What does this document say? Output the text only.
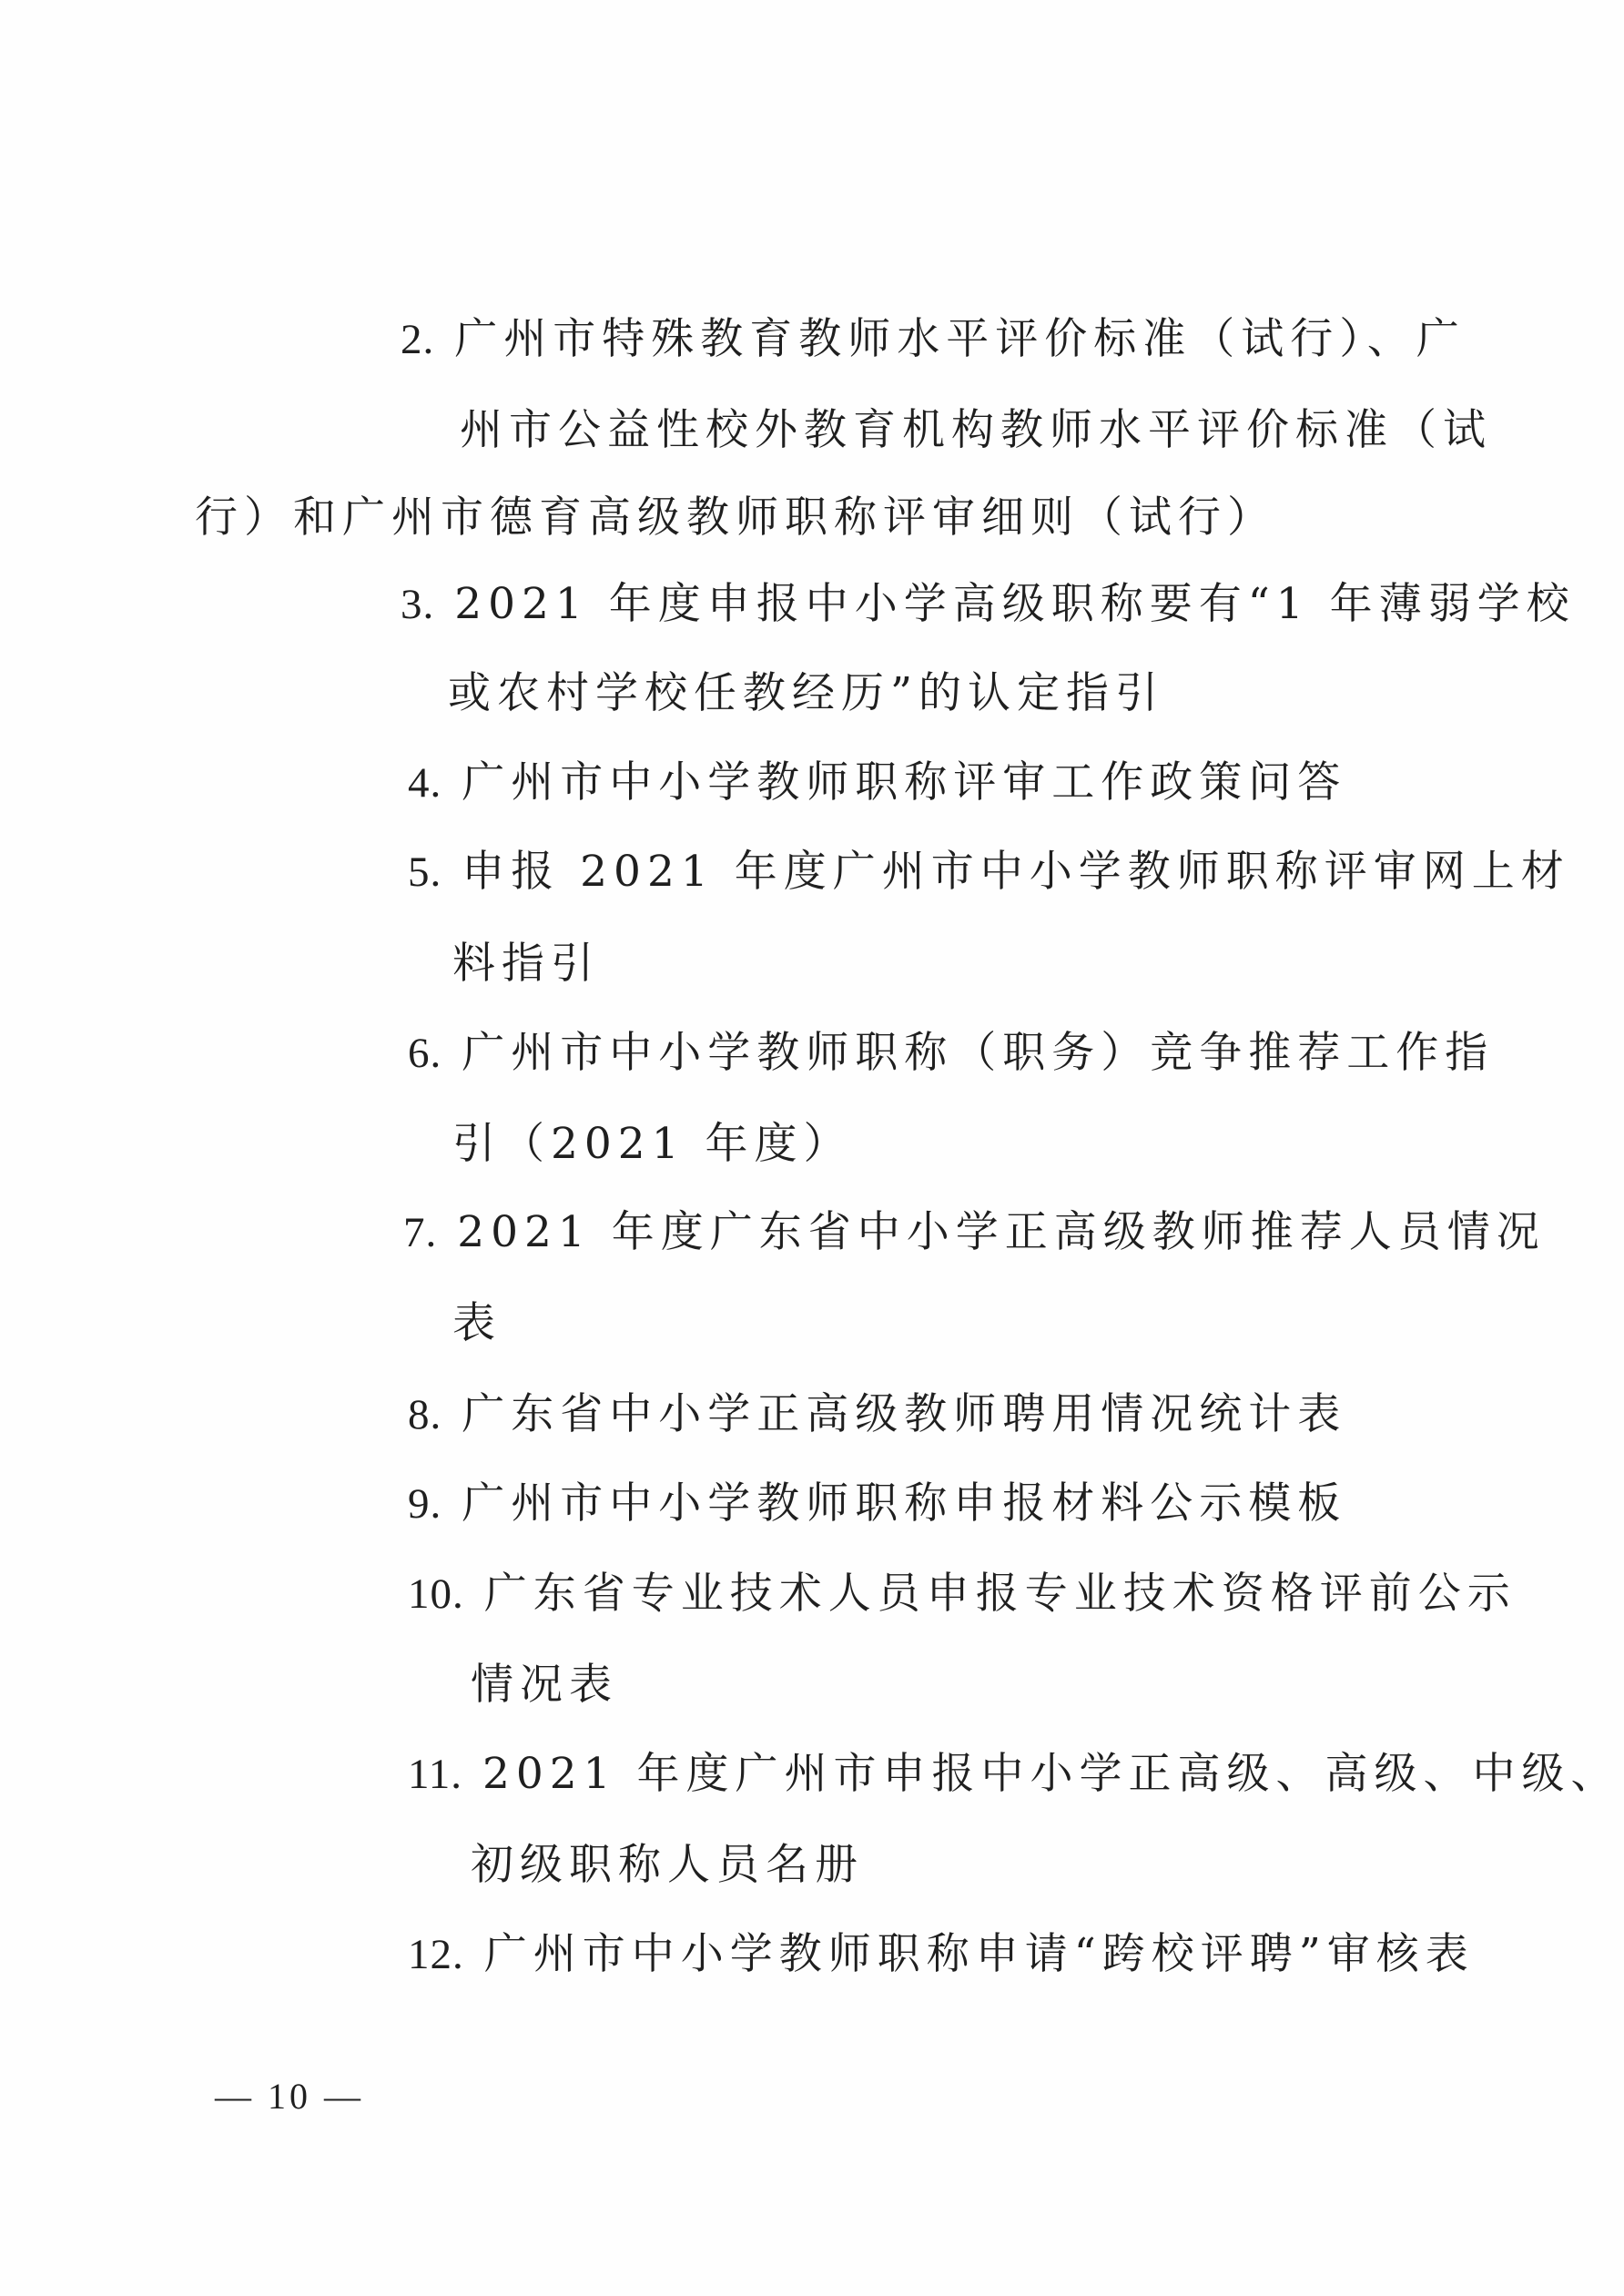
2. 广州市特殊教育教师水平评价标准（试行）、广
州市公益性校外教育机构教师水平评价标准（试
行）和广州市德育高级教师职称评审细则（试行）
3. 2021 年度申报中小学高级职称要有“1 年薄弱学校
或农村学校任教经历”的认定指引
4. 广州市中小学教师职称评审工作政策问答
5. 申报 2021 年度广州市中小学教师职称评审网上材
料指引
6. 广州市中小学教师职称（职务）竞争推荐工作指
引（2021 年度）
7. 2021 年度广东省中小学正高级教师推荐人员情况
表
8. 广东省中小学正高级教师聘用情况统计表
9. 广州市中小学教师职称申报材料公示模板
10. 广东省专业技术人员申报专业技术资格评前公示
情况表
11. 2021 年度广州市申报中小学正高级、高级、中级、
初级职称人员名册
12. 广州市中小学教师职称申请“跨校评聘”审核表
— 10 —
